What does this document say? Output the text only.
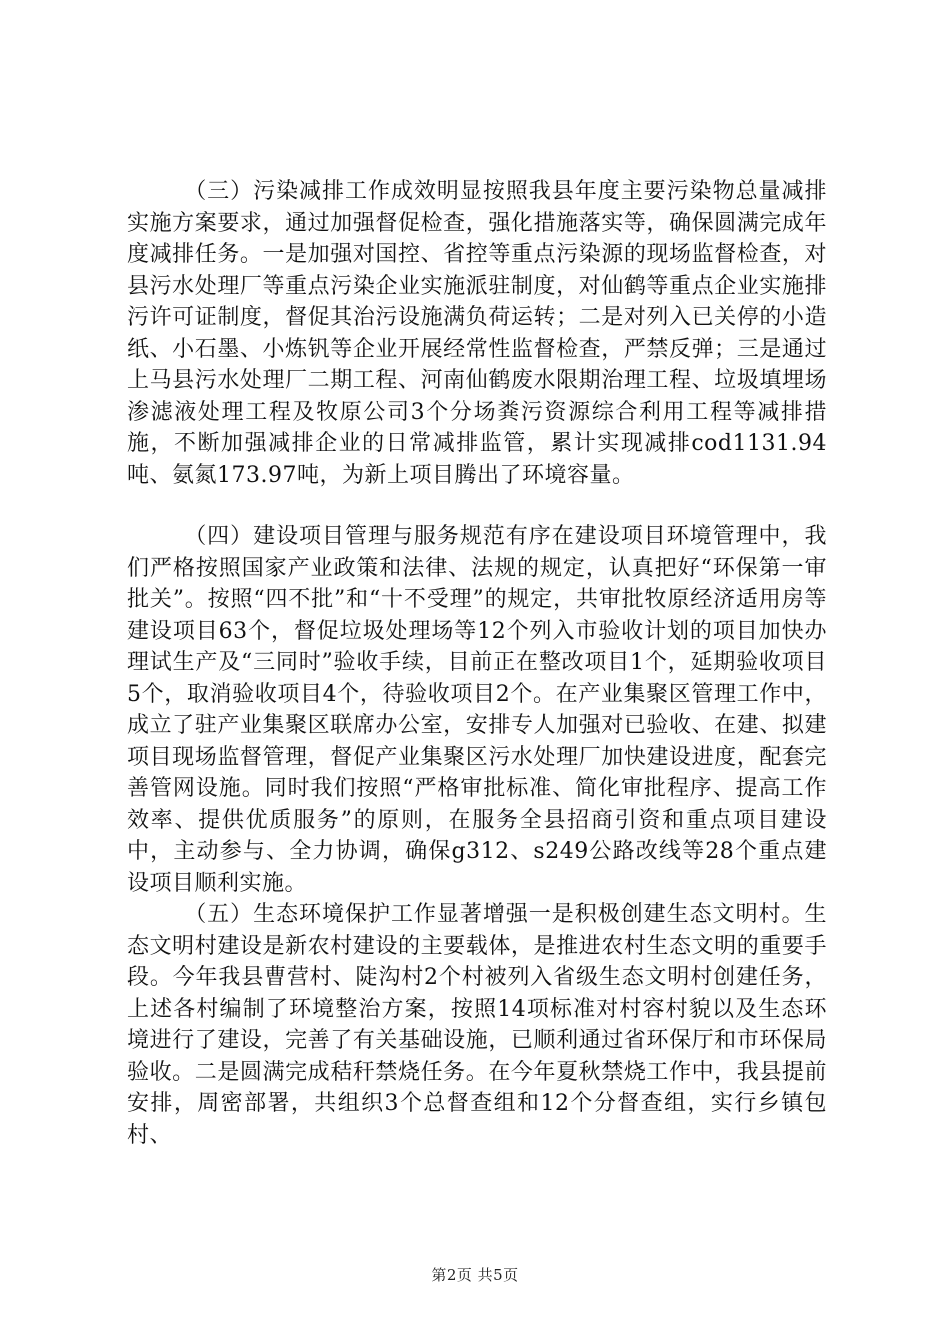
（三）污染减排工作成效明显按照我县年度主要污染物总量减排实施方案要求，通过加强督促检查，强化措施落实等，确保圆满完成年度减排任务。一是加强对国控、省控等重点污染源的现场监督检查，对县污水处理厂等重点污染企业实施派驻制度，对仙鹤等重点企业实施排污许可证制度，督促其治污设施满负荷运转；二是对列入已关停的小造纸、小石墨、小炼钒等企业开展经常性监督检查，严禁反弹；三是通过上马县污水处理厂二期工程、河南仙鹤废水限期治理工程、垃圾填埋场渗滤液处理工程及牧原公司3个分场粪污资源综合利用工程等减排措施，不断加强减排企业的日常减排监管，累计实现减排cod1131.94吨、氨氮173.97吨，为新上项目腾出了环境容量。

（四）建设项目管理与服务规范有序在建设项目环境管理中，我们严格按照国家产业政策和法律、法规的规定，认真把好“环保第一审批关”。按照“四不批”和“十不受理”的规定，共审批牧原经济适用房等建设项目63个，督促垃圾处理场等12个列入市验收计划的项目加快办理试生产及“三同时”验收手续，目前正在整改项目1个，延期验收项目5个，取消验收项目4个，待验收项目2个。在产业集聚区管理工作中，成立了驻产业集聚区联席办公室，安排专人加强对已验收、在建、拟建项目现场监督管理，督促产业集聚区污水处理厂加快建设进度，配套完善管网设施。同时我们按照“严格审批标准、简化审批程序、提高工作效率、提供优质服务”的原则，在服务全县招商引资和重点项目建设中，主动参与、全力协调，确保g312、s249公路改线等28个重点建设项目顺利实施。

（五）生态环境保护工作显著增强一是积极创建生态文明村。生态文明村建设是新农村建设的主要载体，是推进农村生态文明的重要手段。今年我县曹营村、陡沟村2个村被列入省级生态文明村创建任务，上述各村编制了环境整治方案，按照14项标准对村容村貌以及生态环境进行了建设，完善了有关基础设施，已顺利通过省环保厅和市环保局验收。二是圆满完成秸秆禁烧任务。在今年夏秋禁烧工作中，我县提前安排，周密部署，共组织3个总督查组和12个分督查组，实行乡镇包村、

第2页 共5页
